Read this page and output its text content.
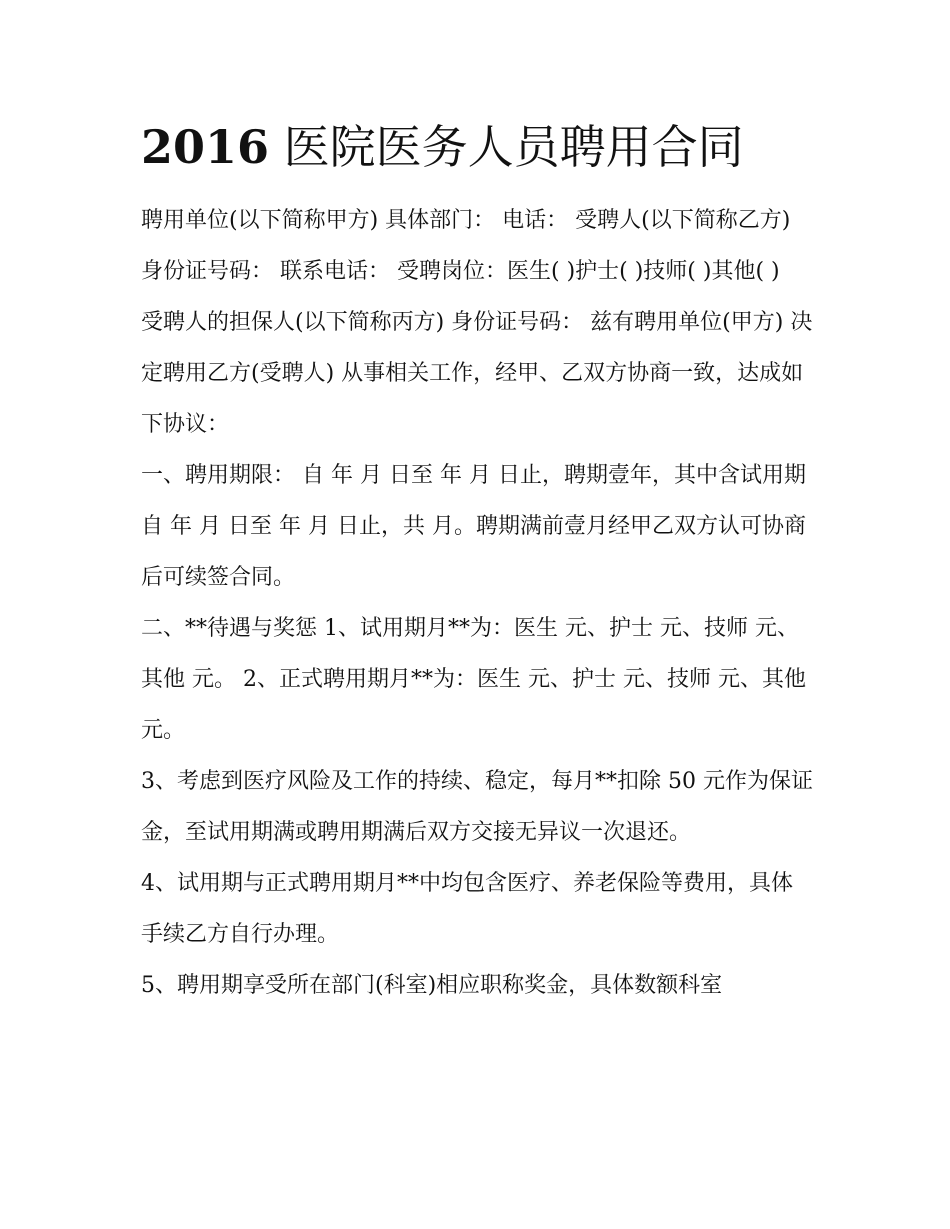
2016 医院医务人员聘用合同

聘用单位(以下简称甲方) 具体部门： 电话： 受聘人(以下简称乙方) 身份证号码： 联系电话： 受聘岗位：医生( )护士( )技师( )其他( )

受聘人的担保人(以下简称丙方) 身份证号码： 兹有聘用单位(甲方) 决定聘用乙方(受聘人) 从事相关工作，经甲、乙双方协商一致，达成如下协议：

一、聘用期限： 自 年 月 日至 年 月 日止，聘期壹年，其中含试用期自 年 月 日至 年 月 日止，共 月。聘期满前壹月经甲乙双方认可协商后可续签合同。

二、**待遇与奖惩 1、试用期月**为：医生 元、护士 元、技师 元、其他 元。 2、正式聘用期月**为：医生 元、护士 元、技师 元、其他 元。

3、考虑到医疗风险及工作的持续、稳定，每月**扣除 50 元作为保证金，至试用期满或聘用期满后双方交接无异议一次退还。

4、试用期与正式聘用期月**中均包含医疗、养老保险等费用，具体手续乙方自行办理。

5、聘用期享受所在部门(科室)相应职称奖金，具体数额科室
